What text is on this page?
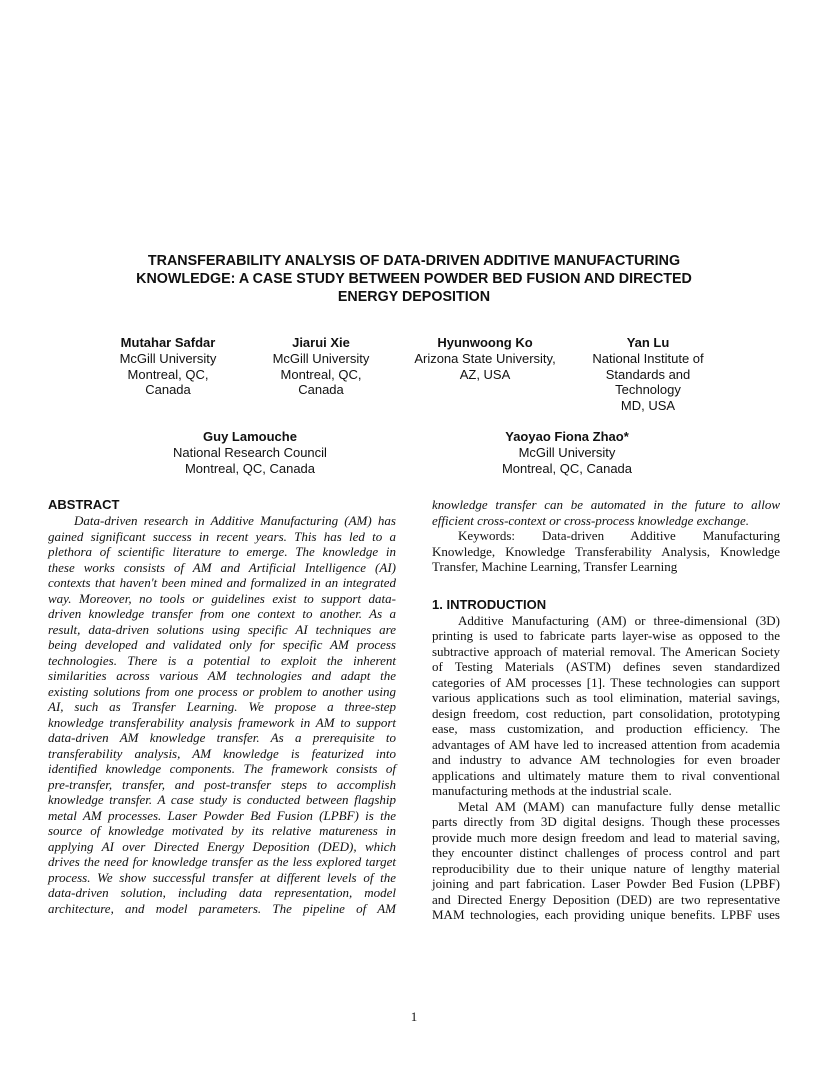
TRANSFERABILITY ANALYSIS OF DATA-DRIVEN ADDITIVE MANUFACTURING
KNOWLEDGE: A CASE STUDY BETWEEN POWDER BED FUSION AND DIRECTED
ENERGY DEPOSITION
Mutahar Safdar
McGill University
Montreal, QC,
Canada
Jiarui Xie
McGill University
Montreal, QC,
Canada
Hyunwoong Ko
Arizona State University,
AZ, USA
Yan Lu
National Institute of
Standards and
Technology
MD, USA
Guy Lamouche
National Research Council
Montreal, QC, Canada
Yaoyao Fiona Zhao*
McGill University
Montreal, QC, Canada
ABSTRACT
Data-driven research in Additive Manufacturing (AM) has
gained significant success in recent years. This has led to a
plethora of scientific literature to emerge. The knowledge in
these works consists of AM and Artificial Intelligence (AI)
contexts that haven't been mined and formalized in an integrated
way. Moreover, no tools or guidelines exist to support data-
driven knowledge transfer from one context to another. As a
result, data-driven solutions using specific AI techniques are
being developed and validated only for specific AM process
technologies. There is a potential to exploit the inherent
similarities across various AM technologies and adapt the
existing solutions from one process or problem to another using
AI, such as Transfer Learning. We propose a three-step
knowledge transferability analysis framework in AM to support
data-driven AM knowledge transfer. As a prerequisite to
transferability analysis, AM knowledge is featurized into
identified knowledge components. The framework consists of
pre-transfer, transfer, and post-transfer steps to accomplish
knowledge transfer. A case study is conducted between flagship
metal AM processes. Laser Powder Bed Fusion (LPBF) is the
source of knowledge motivated by its relative matureness in
applying AI over Directed Energy Deposition (DED), which
drives the need for knowledge transfer as the less explored target
process. We show successful transfer at different levels of the
data-driven solution, including data representation, model
architecture, and model parameters. The pipeline of AM
knowledge transfer can be automated in the future to allow
efficient cross-context or cross-process knowledge exchange.
Keywords: Data-driven Additive Manufacturing
Knowledge, Knowledge Transferability Analysis, Knowledge
Transfer, Machine Learning, Transfer Learning
1. INTRODUCTION
Additive Manufacturing (AM) or three-dimensional (3D)
printing is used to fabricate parts layer-wise as opposed to the
subtractive approach of material removal. The American Society
of Testing Materials (ASTM) defines seven standardized
categories of AM processes [1]. These technologies can support
various applications such as tool elimination, material savings,
design freedom, cost reduction, part consolidation, prototyping
ease, mass customization, and production efficiency. The
advantages of AM have led to increased attention from academia
and industry to advance AM technologies for even broader
applications and ultimately mature them to rival conventional
manufacturing methods at the industrial scale.
Metal AM (MAM) can manufacture fully dense metallic
parts directly from 3D digital designs. Though these processes
provide much more design freedom and lead to material saving,
they encounter distinct challenges of process control and part
reproducibility due to their unique nature of lengthy material
joining and part fabrication. Laser Powder Bed Fusion (LPBF)
and Directed Energy Deposition (DED) are two representative
MAM technologies, each providing unique benefits. LPBF uses
1
